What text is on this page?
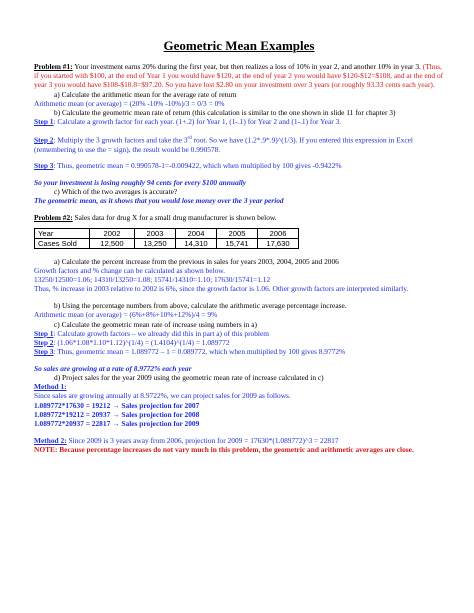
Geometric Mean Examples
Problem #1: Your investment earns 20% during the first year, but then realizes a loss of 10% in year 2, and another 10% in year 3. (Thus, if you started with $100, at the end of Year 1 you would have $120, at the end of year 2 you would have $120-$12=$108, and at the end of year 3 you would have $108-$10.8=$97.20. So you have lost $2.80 on your investment over 3 years (or roughly 93.33 cents each year).
a) Calculate the arithmetic mean for the average rate of return
Arithmetic mean (or average) = (20% -10% -10%)/3 = 0/3 = 0%
b) Calculate the geometric mean rate of return (this calculation is similar to the one shown in slide 11 for chapter 3)
Step 1: Calculate a growth factor for each year. (1+.2) for Year 1, (1-.1) for Year 2 and (1-.1) for Year 3.
Step 2: Multiply the 3 growth factors and take the 3rd root. So we have (1.2*.9*.9)^(1/3). If you entered this expression in Excel (remembering to use the = sign), the result would be 0.990578.
Step 3: Thus, geometric mean = 0.990578-1=-0.009422, which when multiplied by 100 gives -0.9422%
So your investment is losing roughly 94 cents for every $100 annually
c) Which of the two averages is accurate?
The geometric mean, as it shows that you would lose money over the 3 year period
Problem #2: Sales data for drug X for a small drug manufacturer is shown below.
Year	2002	2003	2004	2005	2006
Cases Sold	12,500	13,250	14,310	15,741	17,630
a) Calculate the percent increase from the previous in sales for years 2003, 2004, 2005 and 2006
Growth factors and % change can be calculated as shown below.
13250/12500=1.06; 14310/13250=1.08; 15741/14310=1.10; 17630/15741=1.12
Thus, % increase in 2003 relative to 2002 is 6%, since the growth factor is 1.06. Other growth factors are interpreted similarly.
b) Using the percentage numbers from above, calculate the arithmetic average percentage increase.
Arithmetic mean (or average) = (6%+8%+10%+12%)/4 = 9%
c) Calculate the geometric mean rate of increase using numbers in a)
Step 1: Calculate growth factors – we already did this in part a) of this problem
Step 2: (1.06*1.08*1.10*1.12)^(1/4) = (1.4104)^(1/4) = 1.089772
Step 3: Thus, geometric mean = 1.089772 – 1 = 0.089772, which when multiplied by 100 gives 8.9772%
So sales are growing at a rate of 8.9772% each year
d) Project sales for the year 2009 using the geometric mean rate of increase calculated in c)
Method 1:
Since sales are growing annually at 8.9722%, we can project sales for 2009 as follows.
1.089772*17630 = 19212 → Sales projection for 2007
1.089772*19212 = 20937 → Sales projection for 2008
1.089772*20937 = 22817 → Sales projection for 2009
Method 2: Since 2009 is 3 years away from 2006, projection for 2009 = 17630*(1.089772)^3 = 22817
NOTE: Because percentage increases do not vary much in this problem, the geometric and arithmetic averages are close.
